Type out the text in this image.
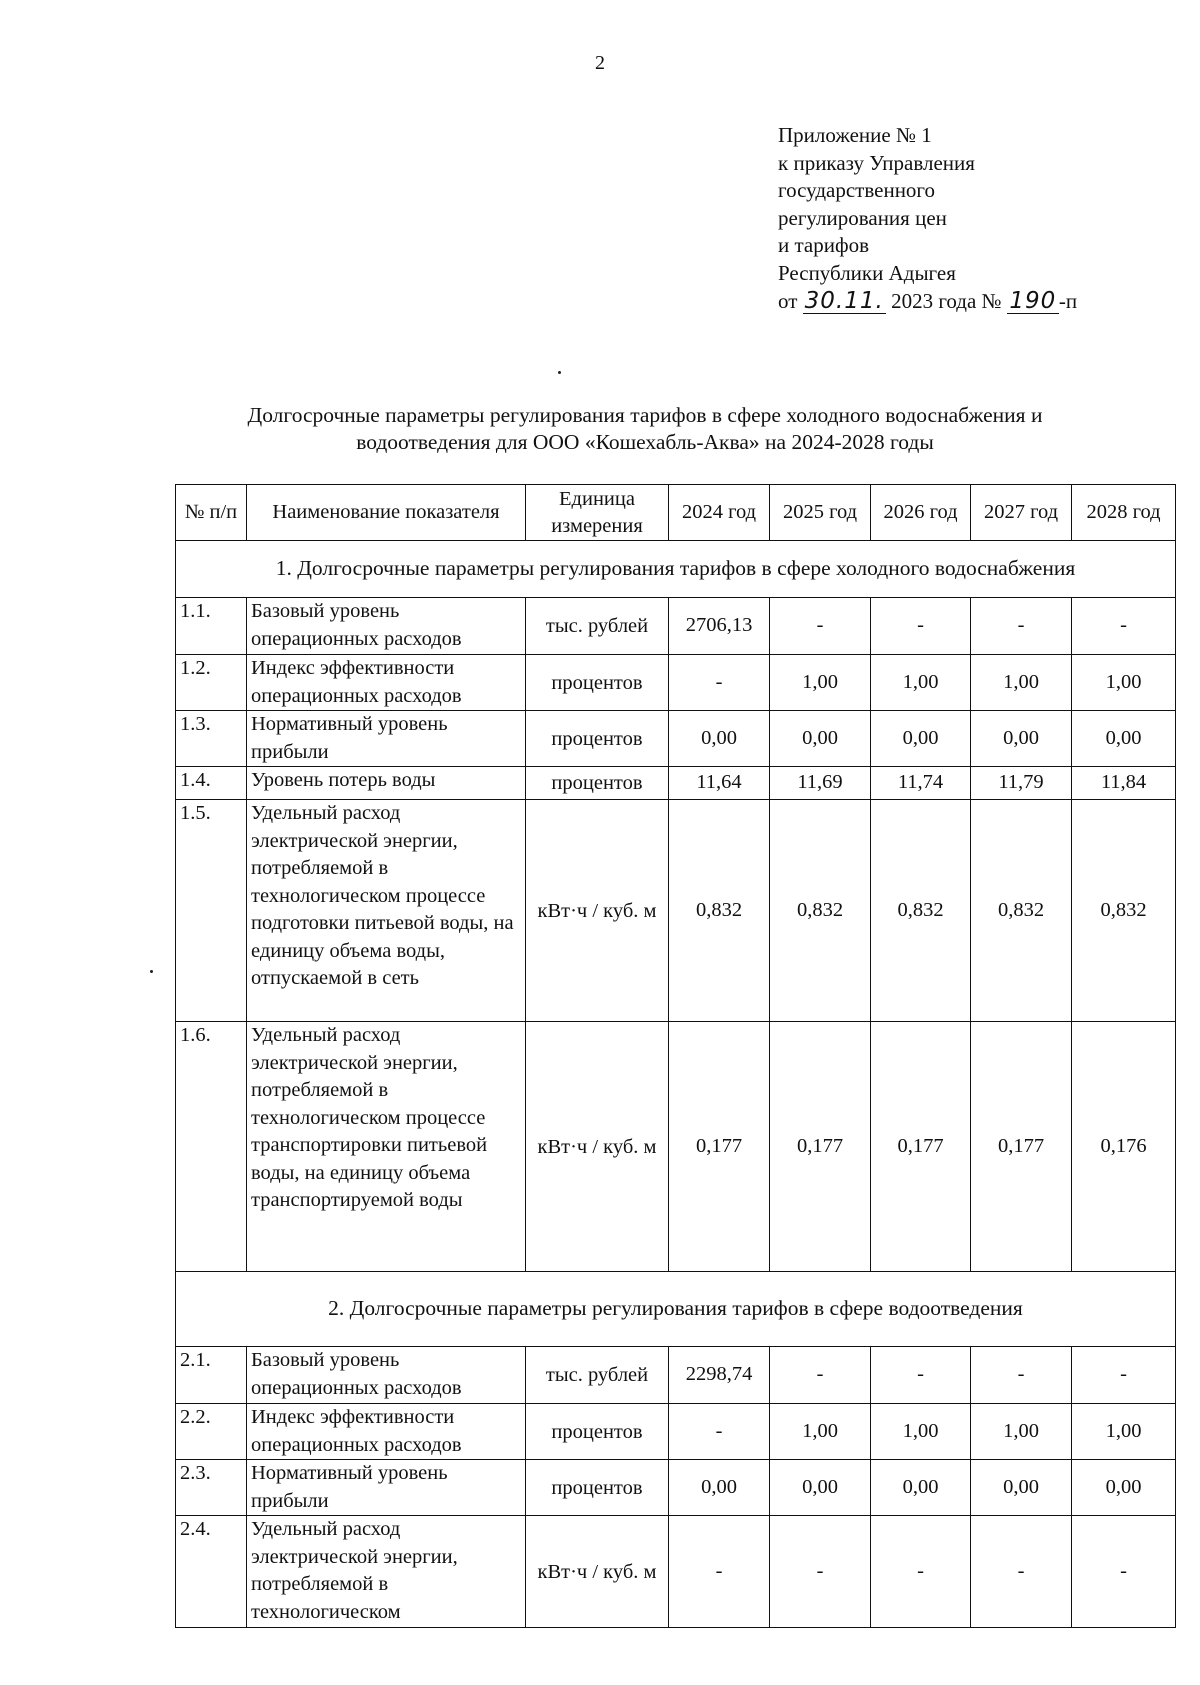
2
Приложение № 1
к приказу Управления
государственного
регулирования цен
и тарифов
Республики Адыгея
от 30.11. 2023 года № 190 -п
Долгосрочные параметры регулирования тарифов в сфере холодного водоснабжения и водоотведения для ООО «Кошехабль-Аква» на 2024-2028 годы
№ п/п	Наименование показателя	Единица измерения	2024 год	2025 год	2026 год	2027 год	2028 год
1. Долгосрочные параметры регулирования тарифов в сфере холодного водоснабжения							
1.1.	Базовый уровень операционных расходов	тыс. рублей	2706,13	-	-	-	-
1.2.	Индекс эффективности операционных расходов	процентов	-	1,00	1,00	1,00	1,00
1.3.	Нормативный уровень прибыли	процентов	0,00	0,00	0,00	0,00	0,00
1.4.	Уровень потерь воды	процентов	11,64	11,69	11,74	11,79	11,84
1.5.	Удельный расход электрической энергии, потребляемой в технологическом процессе подготовки питьевой воды, на единицу объема воды, отпускаемой в сеть	кВт·ч / куб. м	0,832	0,832	0,832	0,832	0,832
1.6.	Удельный расход электрической энергии, потребляемой в технологическом процессе транспортировки питьевой воды, на единицу объема транспортируемой воды	кВт·ч / куб. м	0,177	0,177	0,177	0,177	0,176
2. Долгосрочные параметры регулирования тарифов в сфере водоотведения							
2.1.	Базовый уровень операционных расходов	тыс. рублей	2298,74	-	-	-	-
2.2.	Индекс эффективности операционных расходов	процентов	-	1,00	1,00	1,00	1,00
2.3.	Нормативный уровень прибыли	процентов	0,00	0,00	0,00	0,00	0,00
2.4.	Удельный расход электрической энергии, потребляемой в технологическом	кВт·ч / куб. м	-	-	-	-	-
